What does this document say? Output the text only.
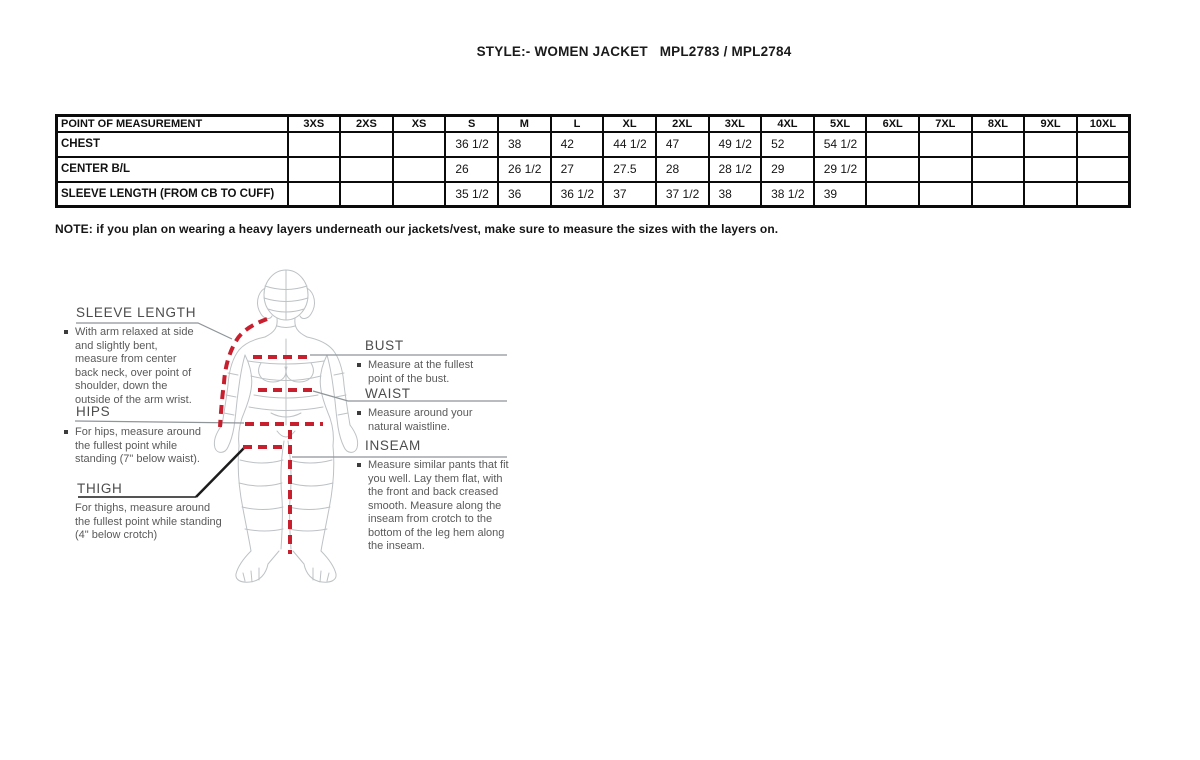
STYLE:- WOMEN JACKET   MPL2783 / MPL2784
POINT OF MEASUREMENT	3XS	2XS	XS	S	M	L	XL	2XL	3XL	4XL	5XL	6XL	7XL	8XL	9XL	10XL
CHEST				36 1/2	38	42	44 1/2	47	49 1/2	52	54 1/2					
CENTER B/L				26	26 1/2	27	27.5	28	28 1/2	29	29 1/2					
SLEEVE LENGTH (FROM CB TO CUFF)				35 1/2	36	36 1/2	37	37 1/2	38	38 1/2	39					
NOTE: if you plan on wearing a heavy layers underneath our jackets/vest, make sure to measure the sizes with the layers on.
SLEEVE LENGTH
With arm relaxed at side and slightly bent, measure from center back neck, over point of shoulder, down the outside of the arm wrist.
HIPS
For hips, measure around the fullest point while standing (7" below waist).
THIGH
For thighs, measure around the fullest point while standing (4" below crotch)
BUST
Measure at the fullest point of the bust.
WAIST
Measure around your natural waistline.
INSEAM
Measure similar pants that fit you well. Lay them flat, with the front and back creased smooth. Measure along the inseam from crotch to the bottom of the leg hem along the inseam.
